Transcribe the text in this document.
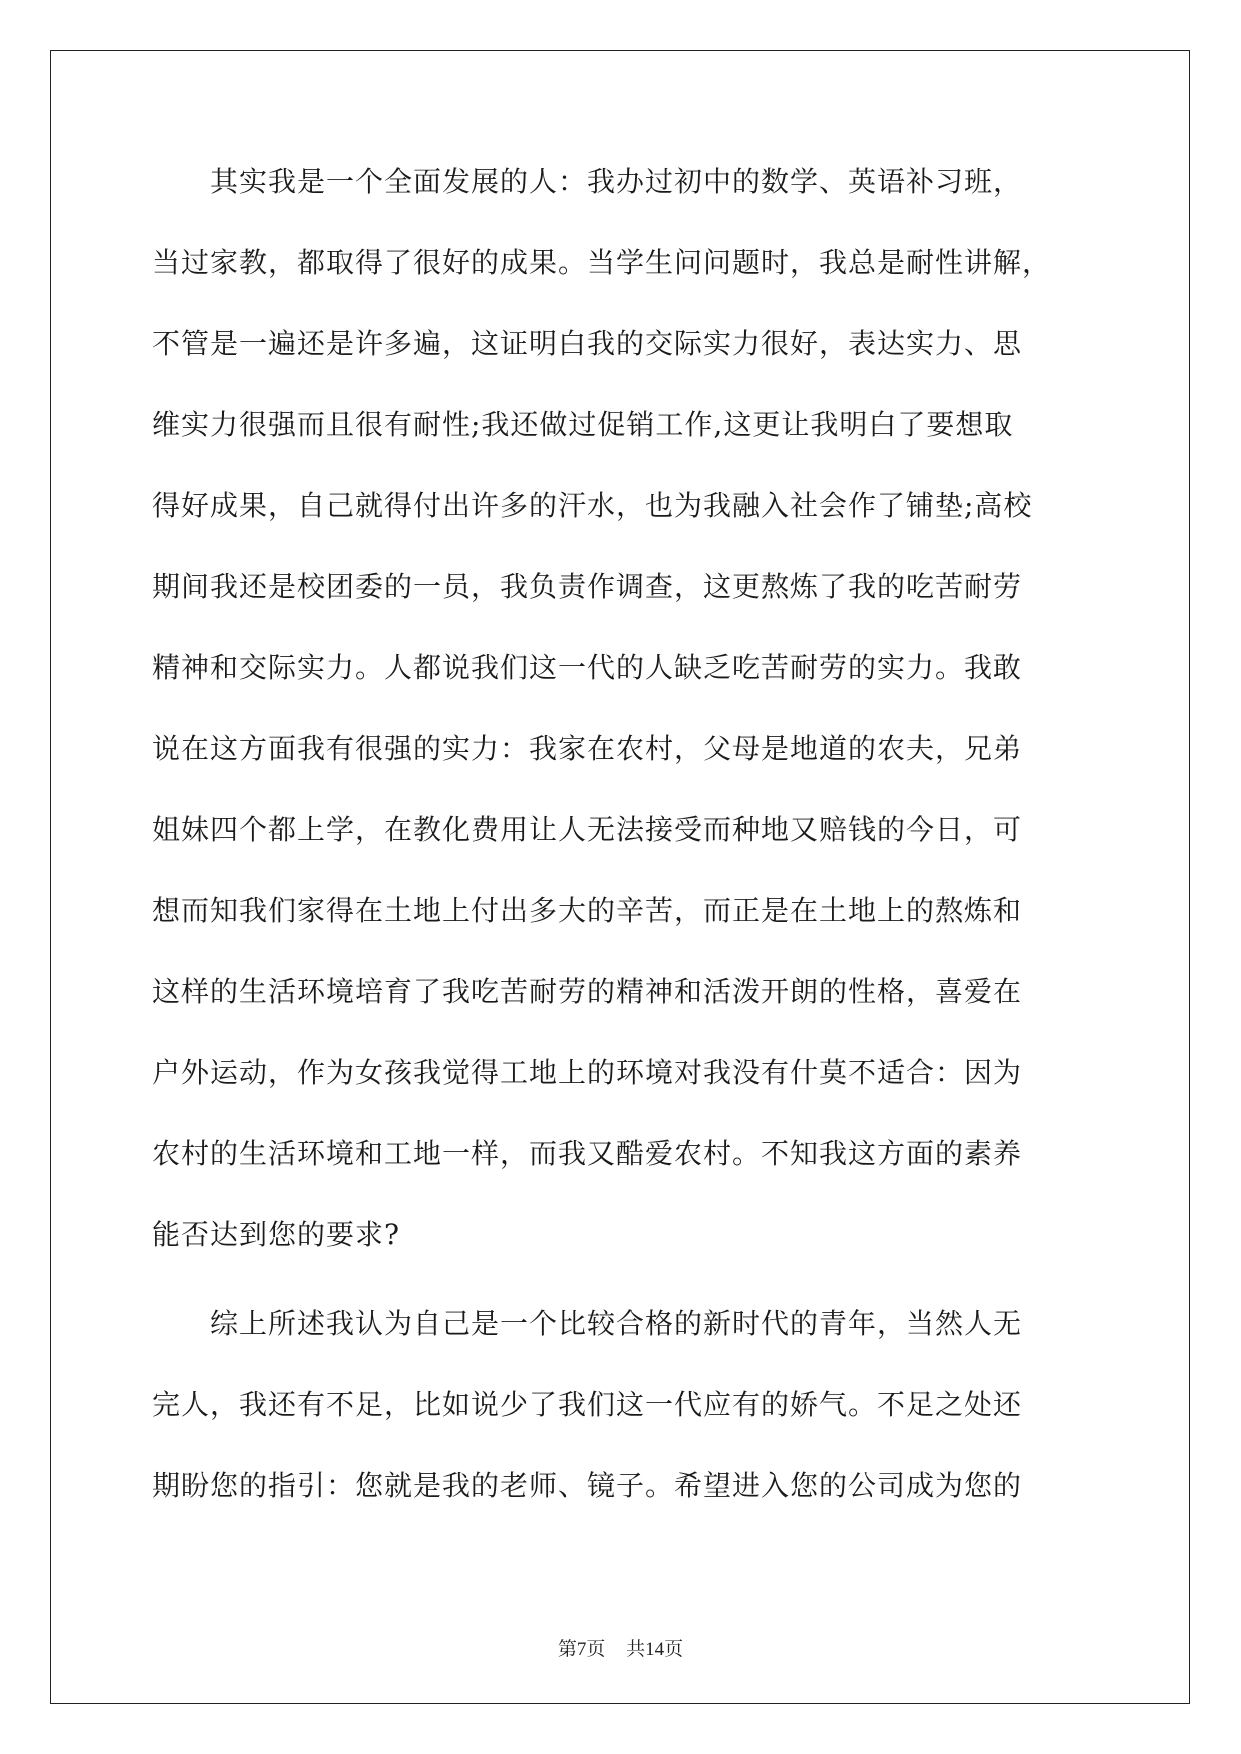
　　其实我是一个全面发展的人：我办过初中的数学、英语补习班，
当过家教，都取得了很好的成果。当学生问问题时，我总是耐性讲解，
不管是一遍还是许多遍，这证明白我的交际实力很好，表达实力、思
维实力很强而且很有耐性;我还做过促销工作,这更让我明白了要想取
得好成果，自己就得付出许多的汗水，也为我融入社会作了铺垫;高校
期间我还是校团委的一员，我负责作调查，这更熬炼了我的吃苦耐劳
精神和交际实力。人都说我们这一代的人缺乏吃苦耐劳的实力。我敢
说在这方面我有很强的实力：我家在农村，父母是地道的农夫，兄弟
姐妹四个都上学，在教化费用让人无法接受而种地又赔钱的今日，可
想而知我们家得在土地上付出多大的辛苦，而正是在土地上的熬炼和
这样的生活环境培育了我吃苦耐劳的精神和活泼开朗的性格，喜爱在
户外运动，作为女孩我觉得工地上的环境对我没有什莫不适合：因为
农村的生活环境和工地一样，而我又酷爱农村。不知我这方面的素养
能否达到您的要求?
　　综上所述我认为自己是一个比较合格的新时代的青年，当然人无
完人，我还有不足，比如说少了我们这一代应有的娇气。不足之处还
期盼您的指引：您就是我的老师、镜子。希望进入您的公司成为您的
第7页 共14页
